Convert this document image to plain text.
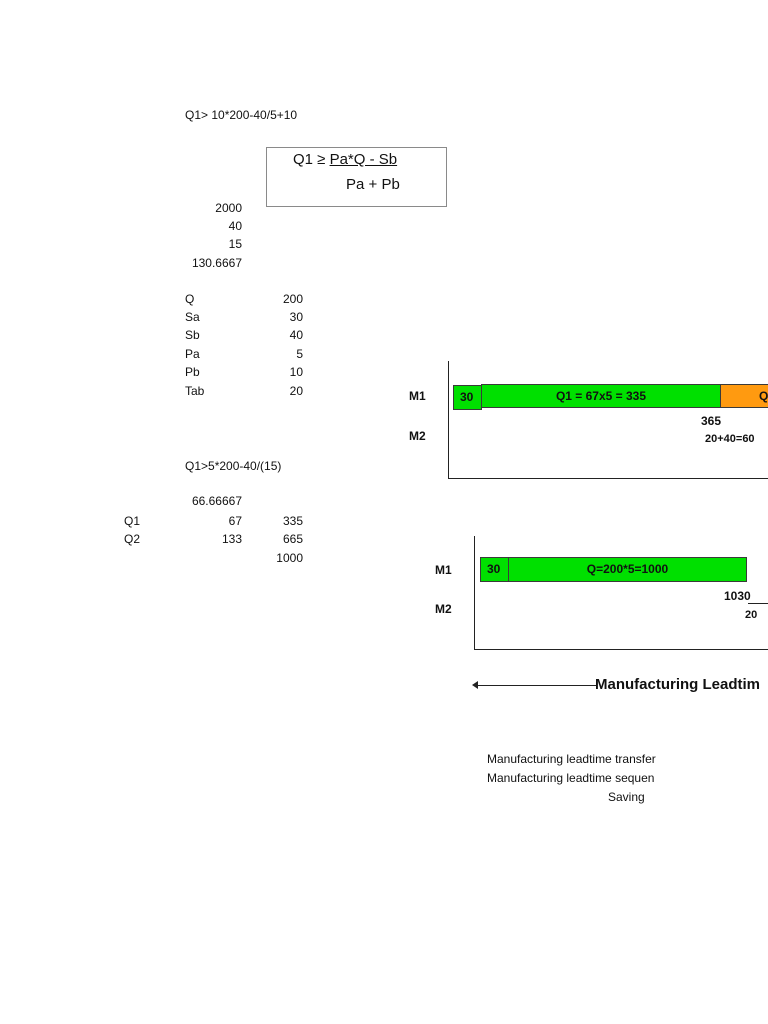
Q1> 10*200-40/5+10
Q1 ≥ Pa*Q - Sb
Pa + Pb
2000
40
15
130.6667
Q	200
Sa	30
Sb	40
Pa	5
Pb	10
Tab	20
Q1>5*200-40/(15)
66.66667
Q1	67	335
Q2	133	665
1000
M1
M2
30	Q1 = 67x5 = 335	Q
365
20+40=60
M1
M2
30	Q=200*5=1000
1030
20
Manufacturing Leadtim
Manufacturing leadtime transfer
Manufacturing leadtime sequen
Saving
